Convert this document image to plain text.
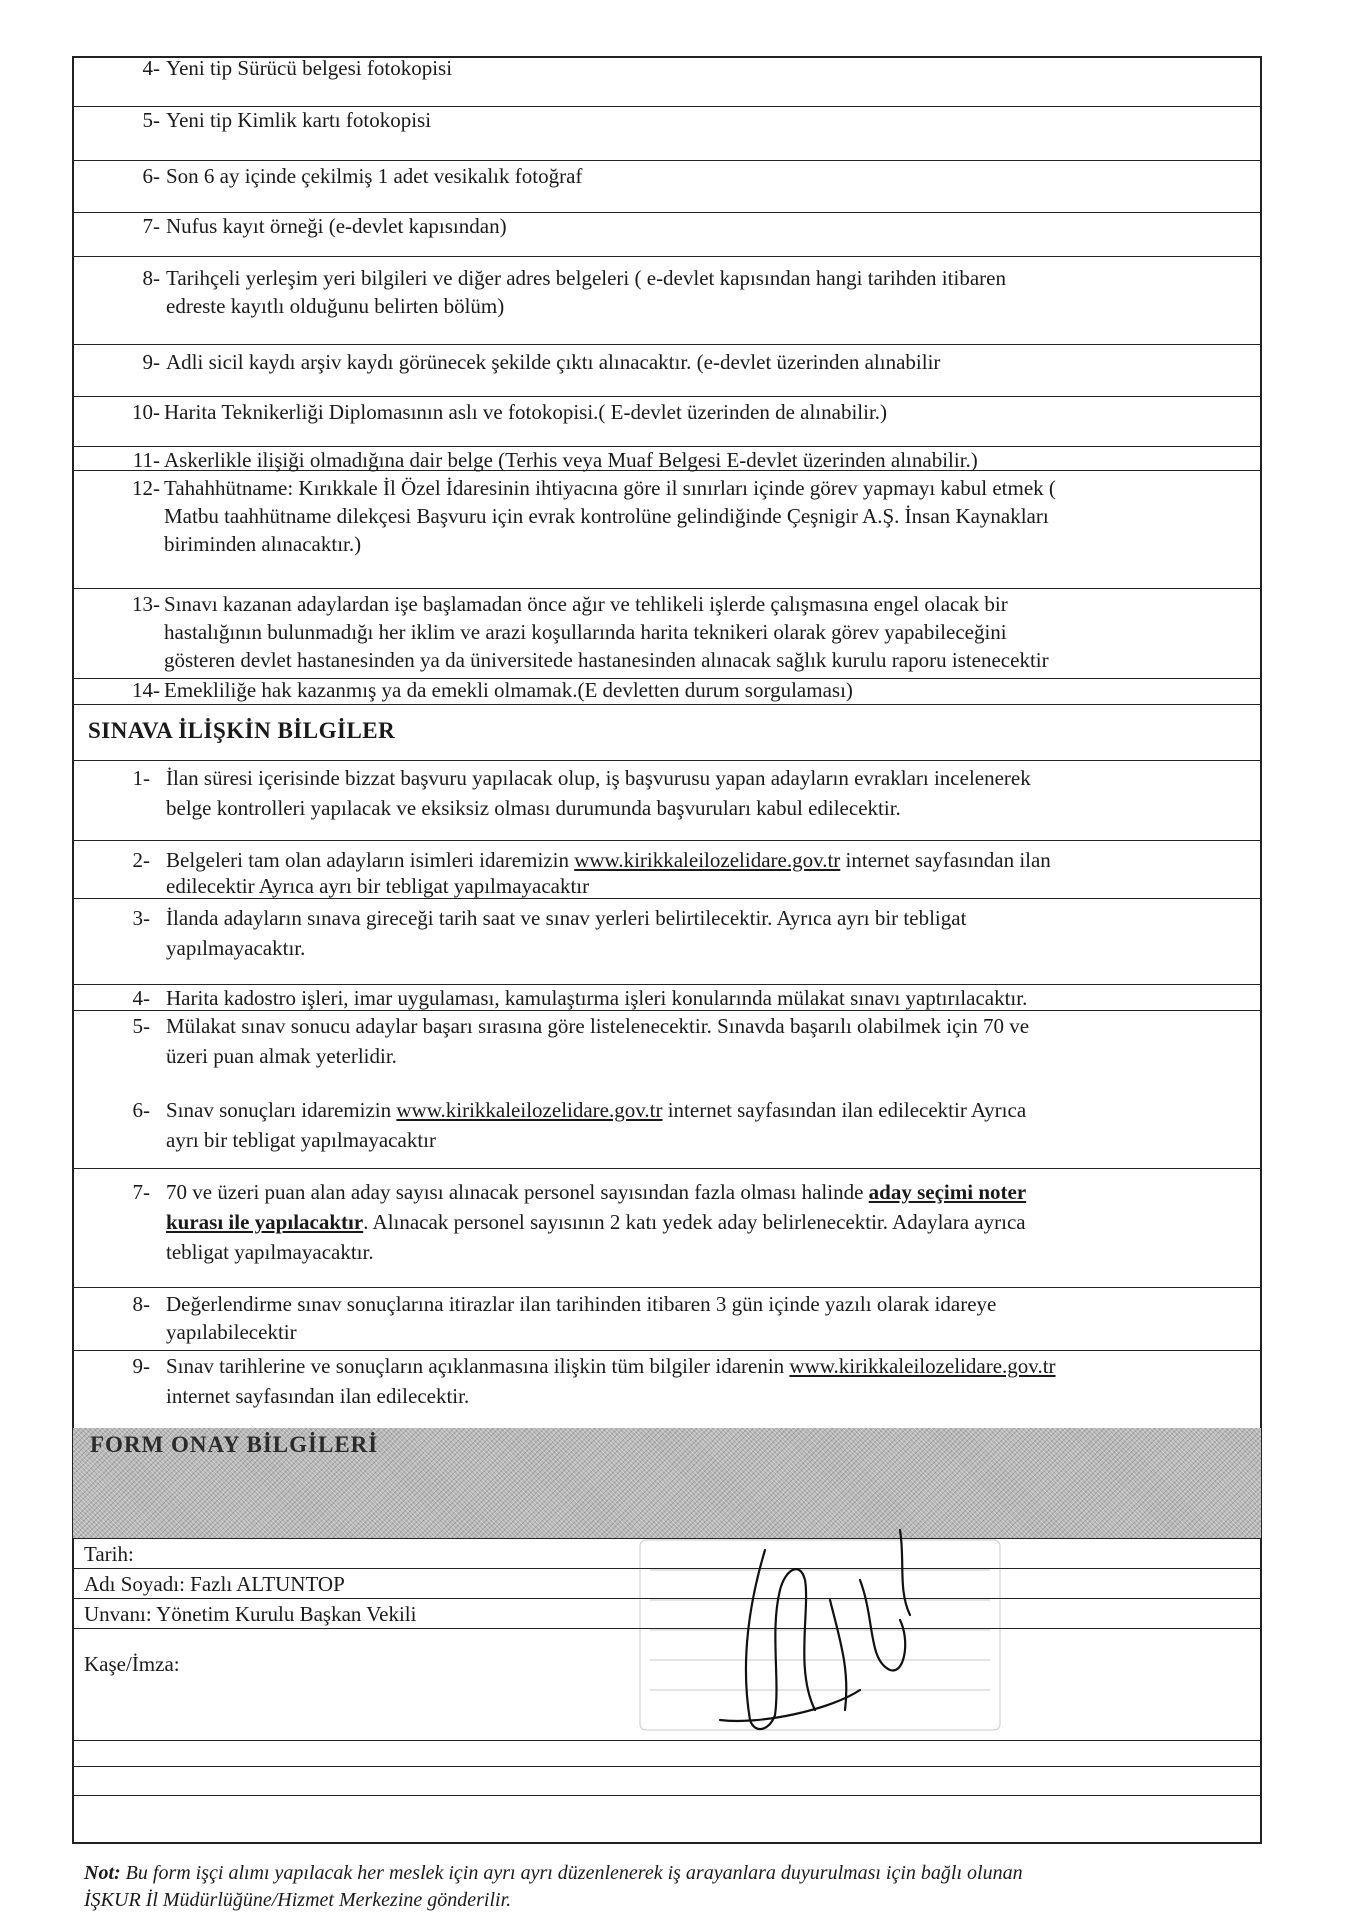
4- Yeni tip Sürücü belgesi fotokopisi
5- Yeni tip Kimlik kartı fotokopisi
6- Son 6 ay içinde çekilmiş 1 adet vesikalık fotoğraf
7- Nufus kayıt örneği (e-devlet kapısından)
8- Tarihçeli yerleşim yeri bilgileri ve diğer adres belgeleri ( e-devlet kapısından hangi tarihden itibaren
edreste kayıtlı olduğunu belirten bölüm)
9- Adli sicil kaydı arşiv kaydı görünecek şekilde çıktı alınacaktır. (e-devlet üzerinden alınabilir
10- Harita Teknikerliği Diplomasının aslı ve fotokopisi.( E-devlet üzerinden de alınabilir.)
11- Askerlikle ilişiği olmadığına dair belge (Terhis veya Muaf Belgesi E-devlet üzerinden alınabilir.)
12- Tahahhütname: Kırıkkale İl Özel İdaresinin ihtiyacına göre il sınırları içinde görev yapmayı kabul etmek (
Matbu taahhütname dilekçesi Başvuru için evrak kontrolüne gelindiğinde Çeşnigir A.Ş. İnsan Kaynakları
biriminden alınacaktır.)
13- Sınavı kazanan adaylardan işe başlamadan önce ağır ve tehlikeli işlerde çalışmasına engel olacak bir
hastalığının bulunmadığı her iklim ve arazi koşullarında harita teknikeri olarak görev yapabileceğini
gösteren devlet hastanesinden ya da üniversitede hastanesinden alınacak sağlık kurulu raporu istenecektir
14- Emekliliğe hak kazanmış ya da emekli olmamak.(E devletten durum sorgulaması)
SINAVA İLİŞKİN BİLGİLER
1- İlan süresi içerisinde bizzat başvuru yapılacak olup, iş başvurusu yapan adayların evrakları incelenerek
belge kontrolleri yapılacak ve eksiksiz olması durumunda başvuruları kabul edilecektir.
2- Belgeleri tam olan adayların isimleri idaremizin www.kirikkaleilozelidare.gov.tr internet sayfasından ilan
edilecektir Ayrıca ayrı bir tebligat yapılmayacaktır
3- İlanda adayların sınava gireceği tarih saat ve sınav yerleri belirtilecektir. Ayrıca ayrı bir tebligat
yapılmayacaktır.
4- Harita kadostro işleri, imar uygulaması, kamulaştırma işleri konularında mülakat sınavı yaptırılacaktır.
5- Mülakat sınav sonucu adaylar başarı sırasına göre listelenecektir. Sınavda başarılı olabilmek için 70 ve
üzeri puan almak yeterlidir.
6- Sınav sonuçları idaremizin www.kirikkaleilozelidare.gov.tr internet sayfasından ilan edilecektir Ayrıca
ayrı bir tebligat yapılmayacaktır
7- 70 ve üzeri puan alan aday sayısı alınacak personel sayısından fazla olması halinde aday seçimi noter
kurası ile yapılacaktır. Alınacak personel sayısının 2 katı yedek aday belirlenecektir. Adaylara ayrıca
tebligat yapılmayacaktır.
8- Değerlendirme sınav sonuçlarına itirazlar ilan tarihinden itibaren 3 gün içinde yazılı olarak idareye
yapılabilecektir
9- Sınav tarihlerine ve sonuçların açıklanmasına ilişkin tüm bilgiler idarenin www.kirikkaleilozelidare.gov.tr
internet sayfasından ilan edilecektir.
FORM ONAY BİLGİLERİ
Tarih:
Adı Soyadı: Fazlı ALTUNTOP
Unvanı: Yönetim Kurulu Başkan Vekili
Kaşe/İmza:
Not: Bu form işçi alımı yapılacak her meslek için ayrı ayrı düzenlenerek iş arayanlara duyurulması için bağlı olunan
İŞKUR İl Müdürlüğüne/Hizmet Merkezine gönderilir.
